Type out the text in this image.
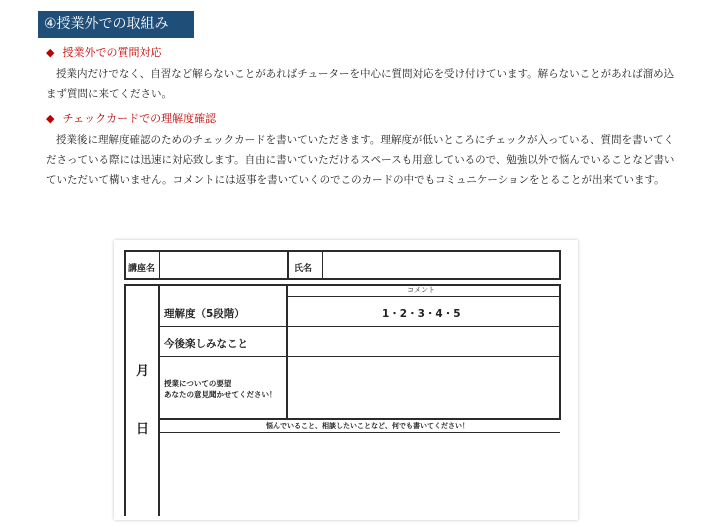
④授業外での取組み
◆ 授業外での質問対応
授業内だけでなく、自習など解らないことがあればチューターを中心に質問対応を受け付けています。解らないことがあれば溜め込まず質問に来てください。
◆ チェックカードでの理解度確認
授業後に理解度確認のためのチェックカードを書いていただきます。理解度が低いところにチェックが入っている、質問を書いてくださっている際には迅速に対応致します。自由に書いていただけるスペースも用意しているので、勉強以外で悩んでいることなど書いていただいて構いません。コメントには返事を書いていくのでこのカードの中でもコミュニケーションをとることが出来ています。
講座名	氏名
コメント
月
日
理解度（5段階）	1・2・3・4・5
今後楽しみなこと
授業についての要望
あなたの意見聞かせてください！
悩んでいること、相談したいことなど、何でも書いてください！
